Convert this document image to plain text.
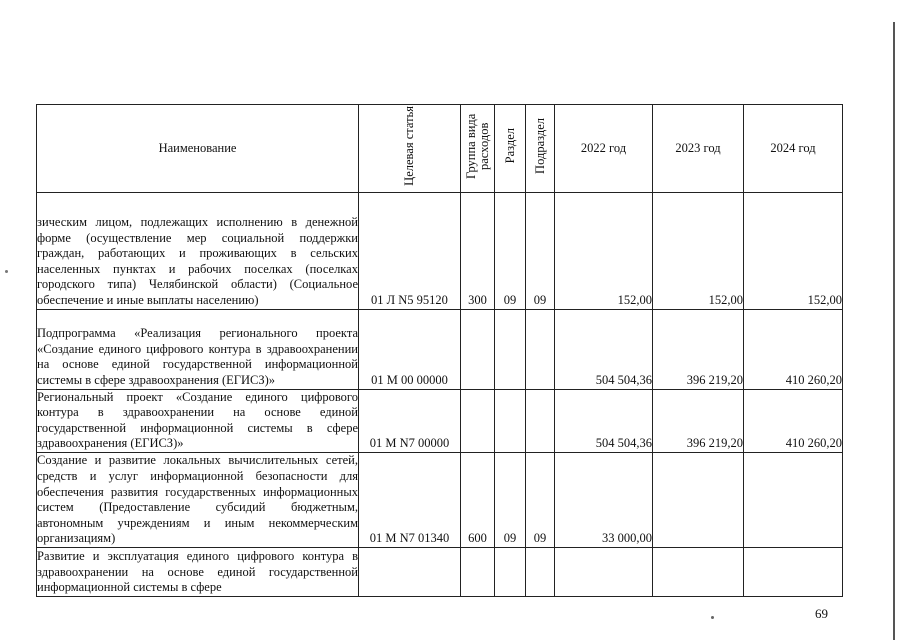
Наименование	Целевая статья	Группа вида расходов	Раздел	Подраздел	2022 год	2023 год	2024 год
зическим лицом, подлежащих исполнению в денежной форме (осуществление мер социальной поддержки граждан, работающих и проживающих в сельских населенных пунктах и рабочих поселках (поселках городского типа) Челябинской области) (Социальное обеспечение и иные выплаты населению)	01 Л N5 95120	300	09	09	152,00	152,00	152,00
Подпрограмма «Реализация регионального проекта «Создание единого цифрового контура в здравоохранении на основе единой государственной информационной системы в сфере здравоохранения (ЕГИСЗ)»	01 М 00 00000				504 504,36	396 219,20	410 260,20
Региональный проект «Создание единого цифрового контура в здравоохранении на основе единой государственной информационной системы в сфере здравоохранения (ЕГИСЗ)»	01 М N7 00000				504 504,36	396 219,20	410 260,20
Создание и развитие локальных вычислительных сетей, средств и услуг информационной безопасности для обеспечения развития государственных информационных систем (Предоставление субсидий бюджетным, автономным учреждениям и иным некоммерческим организациям)	01 М N7 01340	600	09	09	33 000,00		
Развитие и эксплуатация единого цифрового контура в здравоохранении на основе единой государственной информационной системы в сфере							
69
